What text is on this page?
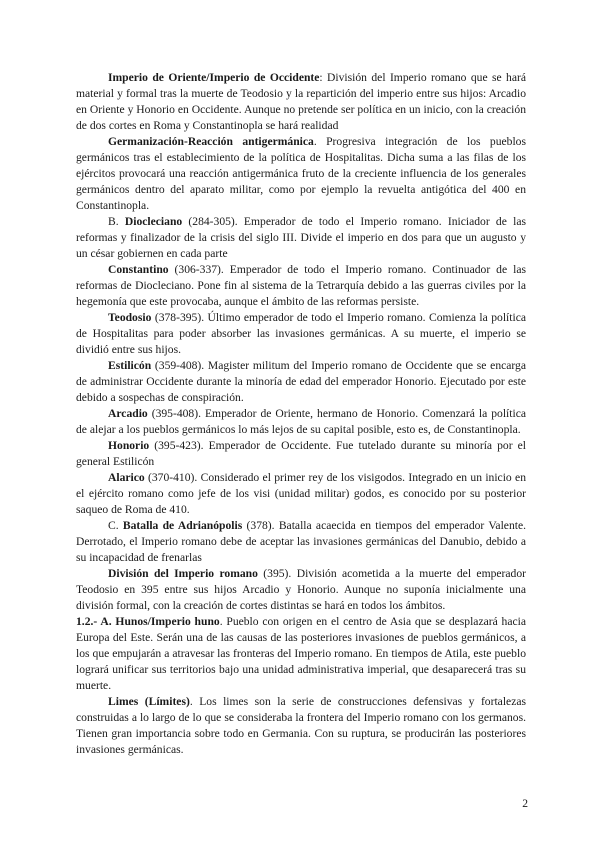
Imperio de Oriente/Imperio de Occidente: División del Imperio romano que se hará material y formal tras la muerte de Teodosio y la repartición del imperio entre sus hijos: Arcadio en Oriente y Honorio en Occidente. Aunque no pretende ser política en un inicio, con la creación de dos cortes en Roma y Constantinopla se hará realidad

Germanización-Reacción antigermánica. Progresiva integración de los pueblos germánicos tras el establecimiento de la política de Hospitalitas. Dicha suma a las filas de los ejércitos provocará una reacción antigermánica fruto de la creciente influencia de los generales germánicos dentro del aparato militar, como por ejemplo la revuelta antigótica del 400 en Constantinopla.

B. Diocleciano (284-305). Emperador de todo el Imperio romano. Iniciador de las reformas y finalizador de la crisis del siglo III. Divide el imperio en dos para que un augusto y un césar gobiernen en cada parte

Constantino (306-337). Emperador de todo el Imperio romano. Continuador de las reformas de Diocleciano. Pone fin al sistema de la Tetrarquía debido a las guerras civiles por la hegemonía que este provocaba, aunque el ámbito de las reformas persiste.

Teodosio (378-395). Último emperador de todo el Imperio romano. Comienza la política de Hospitalitas para poder absorber las invasiones germánicas. A su muerte, el imperio se dividió entre sus hijos.

Estilicón (359-408). Magister militum del Imperio romano de Occidente que se encarga de administrar Occidente durante la minoría de edad del emperador Honorio. Ejecutado por este debido a sospechas de conspiración.

Arcadio (395-408). Emperador de Oriente, hermano de Honorio. Comenzará la política de alejar a los pueblos germánicos lo más lejos de su capital posible, esto es, de Constantinopla.

Honorio (395-423). Emperador de Occidente. Fue tutelado durante su minoría por el general Estilicón

Alarico (370-410). Considerado el primer rey de los visigodos. Integrado en un inicio en el ejército romano como jefe de los visi (unidad militar) godos, es conocido por su posterior saqueo de Roma de 410.

C. Batalla de Adrianópolis (378). Batalla acaecida en tiempos del emperador Valente. Derrotado, el Imperio romano debe de aceptar las invasiones germánicas del Danubio, debido a su incapacidad de frenarlas

División del Imperio romano (395). División acometida a la muerte del emperador Teodosio en 395 entre sus hijos Arcadio y Honorio. Aunque no suponía inicialmente una división formal, con la creación de cortes distintas se hará en todos los ámbitos.

1.2.- A. Hunos/Imperio huno. Pueblo con origen en el centro de Asia que se desplazará hacia Europa del Este. Serán una de las causas de las posteriores invasiones de pueblos germánicos, a los que empujarán a atravesar las fronteras del Imperio romano. En tiempos de Atila, este pueblo logrará unificar sus territorios bajo una unidad administrativa imperial, que desaparecerá tras su muerte.

Limes (Límites). Los limes son la serie de construcciones defensivas y fortalezas construidas a lo largo de lo que se consideraba la frontera del Imperio romano con los germanos. Tienen gran importancia sobre todo en Germania. Con su ruptura, se producirán las posteriores invasiones germánicas.

2
